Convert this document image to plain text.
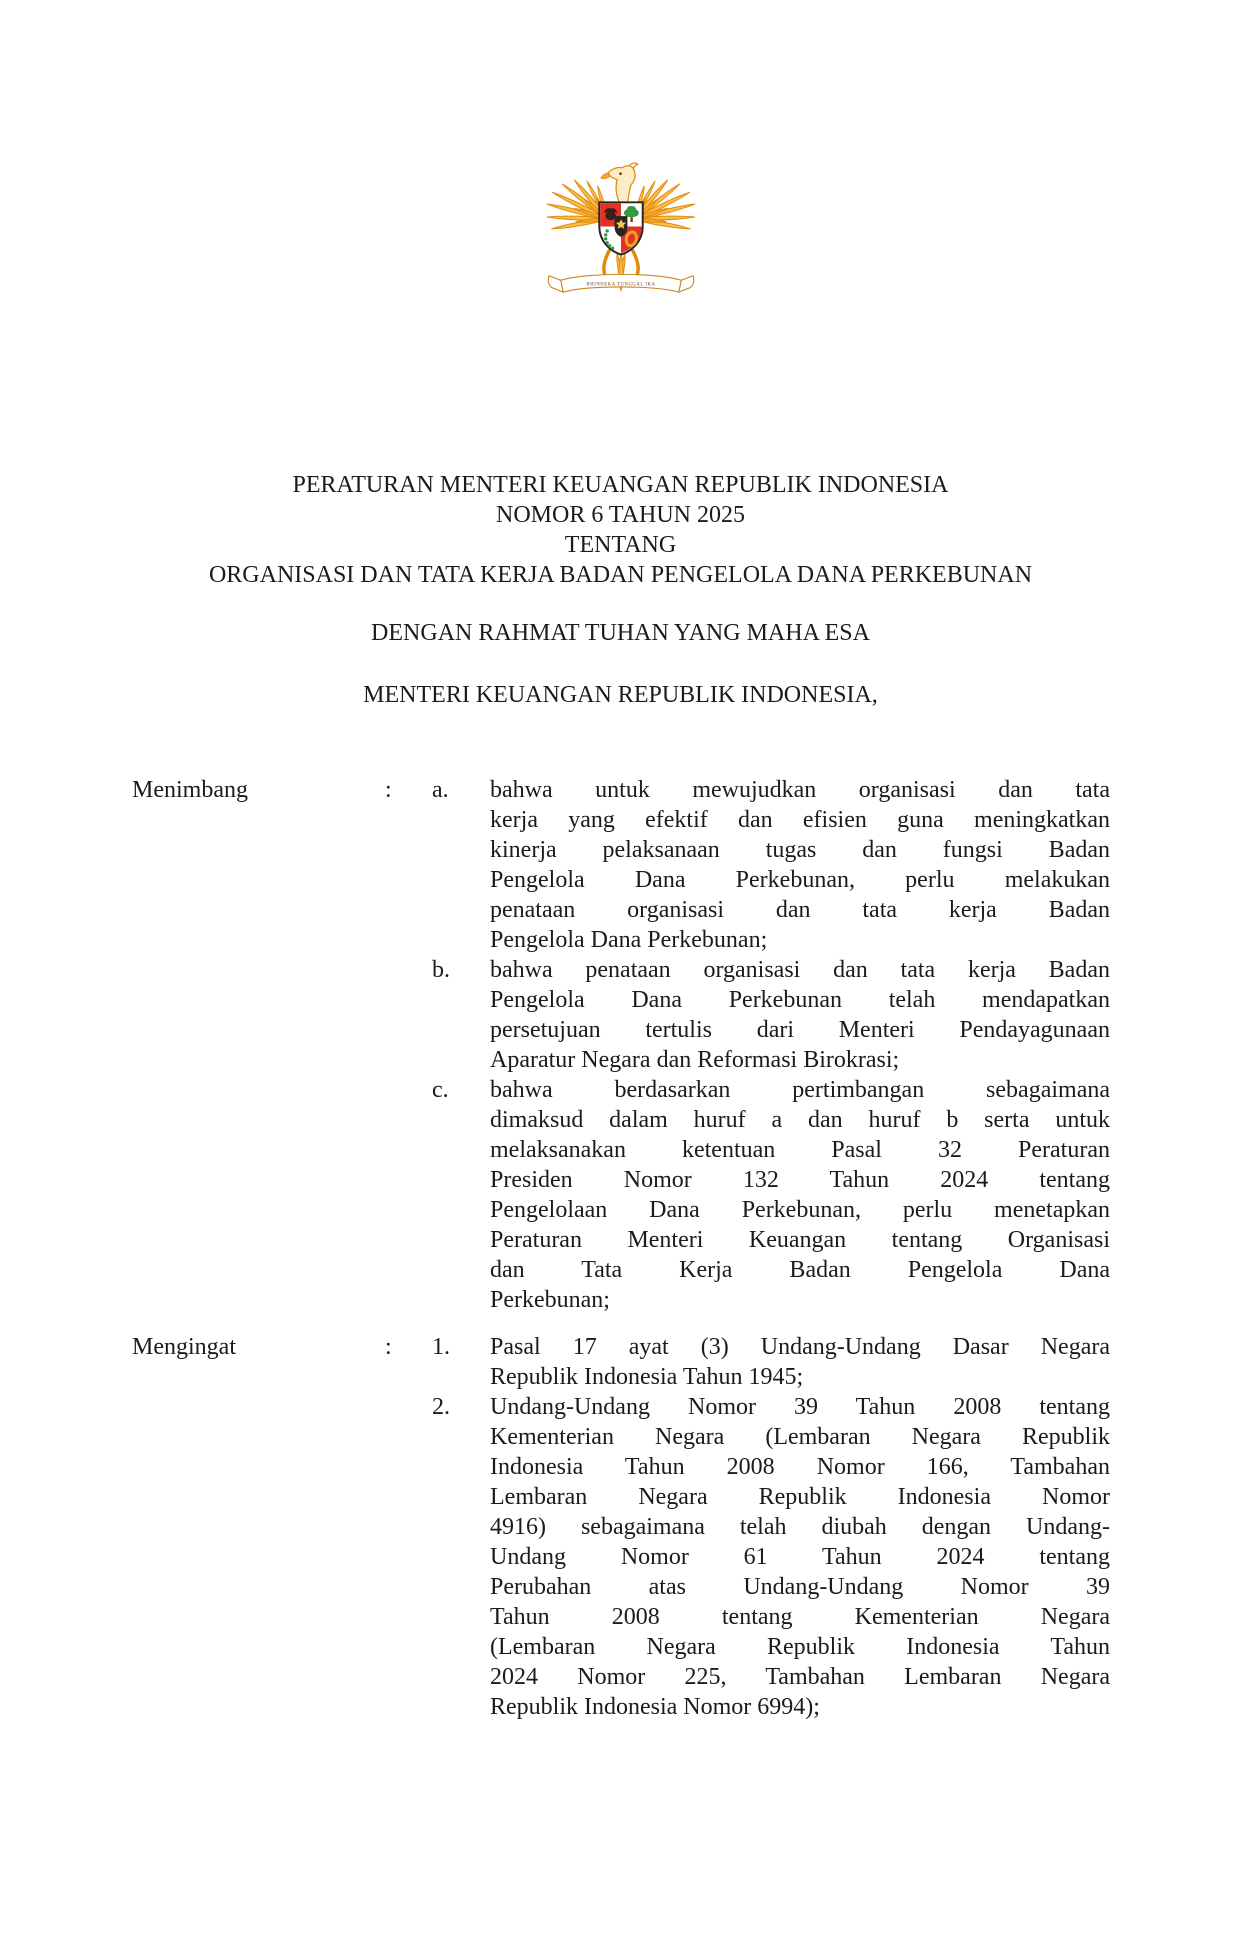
BHINNEKA TUNGGAL IKA
PERATURAN MENTERI KEUANGAN REPUBLIK INDONESIA
NOMOR 6 TAHUN 2025
TENTANG
ORGANISASI DAN TATA KERJA BADAN PENGELOLA DANA PERKEBUNAN
DENGAN RAHMAT TUHAN YANG MAHA ESA
MENTERI KEUANGAN REPUBLIK INDONESIA,
Menimbang	:	a.	bahwa untuk mewujudkan organisasi dan tata
kerja yang efektif dan efisien guna meningkatkan
kinerja pelaksanaan tugas dan fungsi Badan
Pengelola Dana Perkebunan, perlu melakukan
penataan organisasi dan tata kerja Badan
Pengelola Dana Perkebunan;
b.	bahwa penataan organisasi dan tata kerja Badan
Pengelola Dana Perkebunan telah mendapatkan
persetujuan tertulis dari Menteri Pendayagunaan
Aparatur Negara dan Reformasi Birokrasi;
c.	bahwa berdasarkan pertimbangan sebagaimana
dimaksud dalam huruf a dan huruf b serta untuk
melaksanakan ketentuan Pasal 32 Peraturan
Presiden Nomor 132 Tahun 2024 tentang
Pengelolaan Dana Perkebunan, perlu menetapkan
Peraturan Menteri Keuangan tentang Organisasi
dan Tata Kerja Badan Pengelola Dana
Perkebunan;
Mengingat	:	1.	Pasal 17 ayat (3) Undang-Undang Dasar Negara
Republik Indonesia Tahun 1945;
2.	Undang-Undang Nomor 39 Tahun 2008 tentang
Kementerian Negara (Lembaran Negara Republik
Indonesia Tahun 2008 Nomor 166, Tambahan
Lembaran Negara Republik Indonesia Nomor
4916) sebagaimana telah diubah dengan Undang-
Undang Nomor 61 Tahun 2024 tentang
Perubahan atas Undang-Undang Nomor 39
Tahun 2008 tentang Kementerian Negara
(Lembaran Negara Republik Indonesia Tahun
2024 Nomor 225, Tambahan Lembaran Negara
Republik Indonesia Nomor 6994);
